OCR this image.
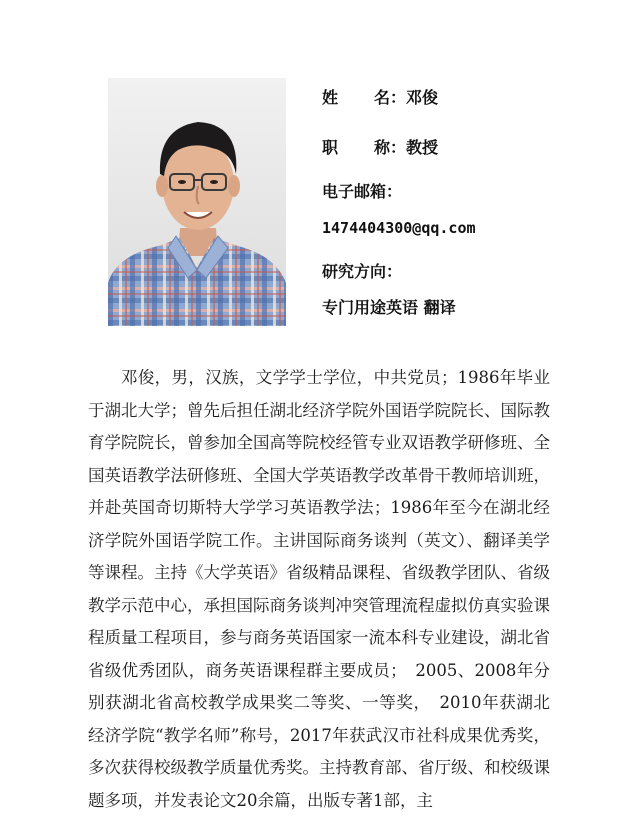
姓 名：邓俊
职 称：教授
电子邮箱：
1474404300@qq.com
研究方向：
专门用途英语 翻译
邓俊，男，汉族，文学学士学位，中共党员；1986年毕业于湖北大学；曾先后担任湖北经济学院外国语学院院长、国际教育学院院长，曾参加全国高等院校经管专业双语教学研修班、全国英语教学法研修班、全国大学英语教学改革骨干教师培训班，并赴英国奇切斯特大学学习英语教学法；1986年至今在湖北经济学院外国语学院工作。主讲国际商务谈判（英文）、翻译美学等课程。主持《大学英语》省级精品课程、省级教学团队、省级教学示范中心，承担国际商务谈判冲突管理流程虚拟仿真实验课程质量工程项目，参与商务英语国家一流本科专业建设，湖北省省级优秀团队，商务英语课程群主要成员；　2005、2008年分别获湖北省高校教学成果奖二等奖、一等奖，　2010年获湖北经济学院“教学名师”称号，2017年获武汉市社科成果优秀奖，多次获得校级教学质量优秀奖。主持教育部、省厅级、和校级课题多项，并发表论文20余篇，出版专著1部，主
